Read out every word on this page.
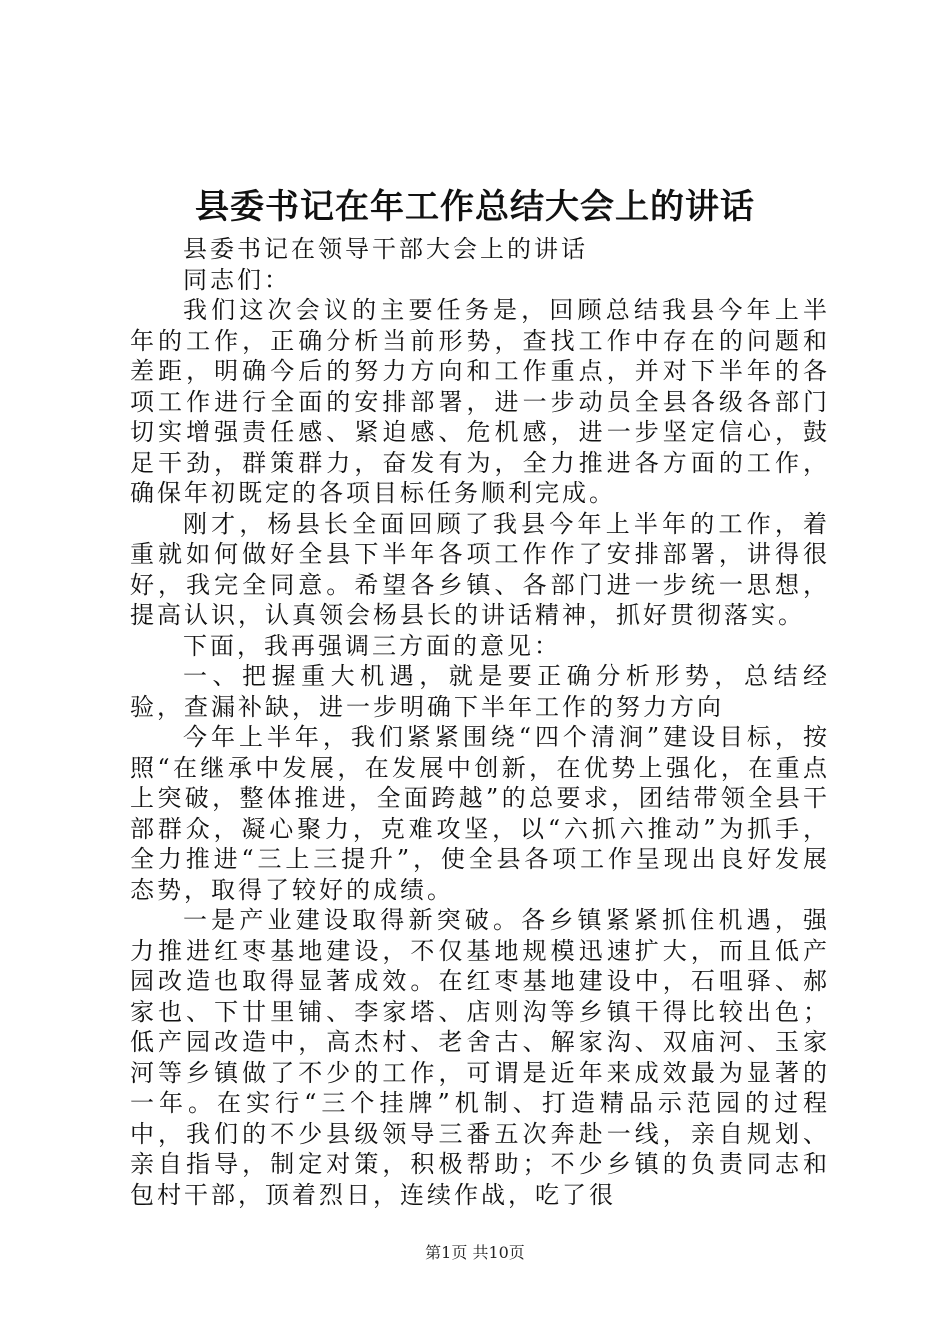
县委书记在年工作总结大会上的讲话

县委书记在领导干部大会上的讲话

同志们：

我们这次会议的主要任务是，回顾总结我县今年上半年的工作，正确分析当前形势，查找工作中存在的问题和差距，明确今后的努力方向和工作重点，并对下半年的各项工作进行全面的安排部署，进一步动员全县各级各部门切实增强责任感、紧迫感、危机感，进一步坚定信心，鼓足干劲，群策群力，奋发有为，全力推进各方面的工作，确保年初既定的各项目标任务顺利完成。

刚才，杨县长全面回顾了我县今年上半年的工作，着重就如何做好全县下半年各项工作作了安排部署，讲得很好，我完全同意。希望各乡镇、各部门进一步统一思想，提高认识，认真领会杨县长的讲话精神，抓好贯彻落实。

下面，我再强调三方面的意见：

一、把握重大机遇，就是要正确分析形势，总结经验，查漏补缺，进一步明确下半年工作的努力方向

今年上半年，我们紧紧围绕“四个清涧”建设目标，按照“在继承中发展，在发展中创新，在优势上强化，在重点上突破，整体推进，全面跨越”的总要求，团结带领全县干部群众，凝心聚力，克难攻坚，以“六抓六推动”为抓手，全力推进“三上三提升”，使全县各项工作呈现出良好发展态势，取得了较好的成绩。

一是产业建设取得新突破。各乡镇紧紧抓住机遇，强力推进红枣基地建设，不仅基地规模迅速扩大，而且低产园改造也取得显著成效。在红枣基地建设中，石咀驿、郝家也、下廿里铺、李家塔、店则沟等乡镇干得比较出色；低产园改造中，高杰村、老舍古、解家沟、双庙河、玉家河等乡镇做了不少的工作，可谓是近年来成效最为显著的一年。在实行“三个挂牌”机制、打造精品示范园的过程中，我们的不少县级领导三番五次奔赴一线，亲自规划、亲自指导，制定对策，积极帮助；不少乡镇的负责同志和包村干部，顶着烈日，连续作战，吃了很

第1页 共10页
